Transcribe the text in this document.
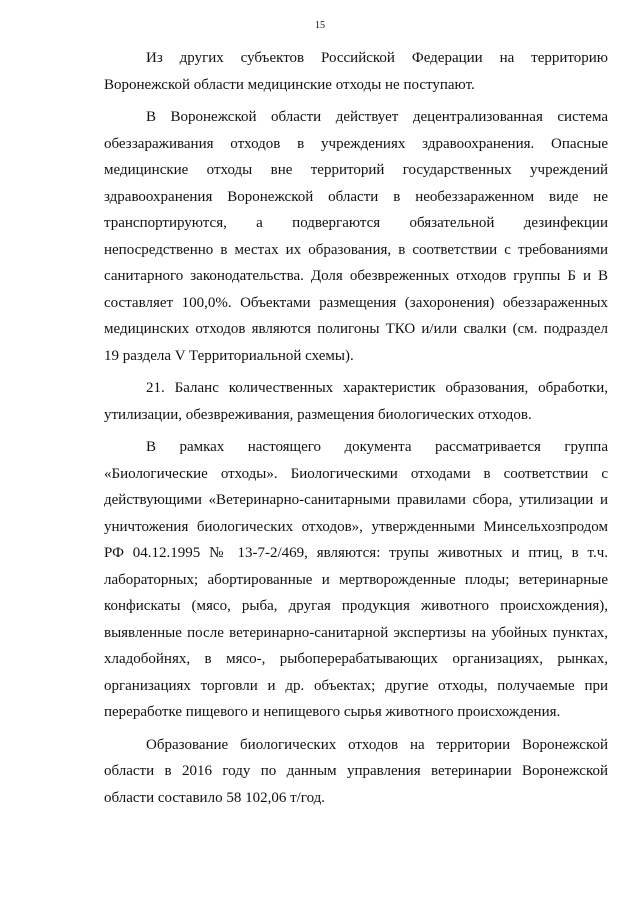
15
Из других субъектов Российской Федерации на территорию
Воронежской области медицинские отходы не поступают.
В Воронежской области действует децентрализованная система
обеззараживания отходов в учреждениях здравоохранения. Опасные
медицинские отходы вне территорий государственных учреждений
здравоохранения Воронежской области в необеззараженном виде не
транспортируются, а подвергаются обязательной дезинфекции
непосредственно в местах их образования, в соответствии с требованиями
санитарного законодательства. Доля обезвреженных отходов группы Б и В
составляет 100,0%. Объектами размещения (захоронения) обеззараженных
медицинских отходов являются полигоны ТКО и/или свалки (см. подраздел
19 раздела V Территориальной схемы).
21. Баланс количественных характеристик образования, обработки,
утилизации, обезвреживания, размещения биологических отходов.
В рамках настоящего документа рассматривается группа
«Биологические отходы». Биологическими отходами в соответствии с
действующими «Ветеринарно-санитарными правилами сбора, утилизации и
уничтожения биологических отходов», утвержденными Минсельхозпродом
РФ 04.12.1995 № 13-7-2/469, являются: трупы животных и птиц, в т.ч.
лабораторных; абортированные и мертворожденные плоды; ветеринарные
конфискаты (мясо, рыба, другая продукция животного происхождения),
выявленные после ветеринарно-санитарной экспертизы на убойных пунктах,
хладобойнях, в мясо-, рыбоперерабатывающих организациях, рынках,
организациях торговли и др. объектах; другие отходы, получаемые при
переработке пищевого и непищевого сырья животного происхождения.
Образование биологических отходов на территории Воронежской
области в 2016 году по данным управления ветеринарии Воронежской
области составило 58 102,06 т/год.
